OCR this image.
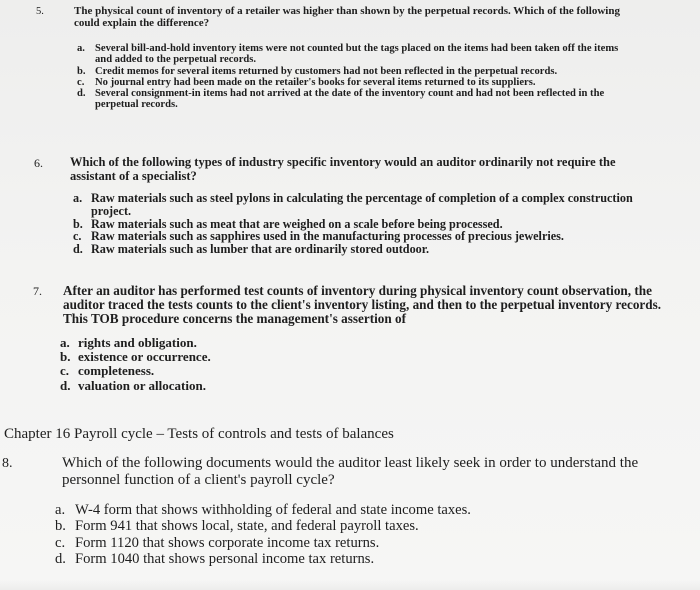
5.	The physical count of inventory of a retailer was higher than shown by the perpetual records. Which of the following could explain the difference?
a. Several bill-and-hold inventory items were not counted but the tags placed on the items had been taken off the items and added to the perpetual records.
b. Credit memos for several items returned by customers had not been reflected in the perpetual records.
c. No journal entry had been made on the retailer's books for several items returned to its suppliers.
d. Several consignment-in items had not arrived at the date of the inventory count and had not been reflected in the perpetual records.
6. Which of the following types of industry specific inventory would an auditor ordinarily not require the assistant of a specialist?
a. Raw materials such as steel pylons in calculating the percentage of completion of a complex construction project.
b. Raw materials such as meat that are weighed on a scale before being processed.
c. Raw materials such as sapphires used in the manufacturing processes of precious jewelries.
d. Raw materials such as lumber that are ordinarily stored outdoor.
7. After an auditor has performed test counts of inventory during physical inventory count observation, the auditor traced the tests counts to the client's inventory listing, and then to the perpetual inventory records. This TOB procedure concerns the management's assertion of
a. rights and obligation.
b. existence or occurrence.
c. completeness.
d. valuation or allocation.
Chapter 16 Payroll cycle – Tests of controls and tests of balances
8.	Which of the following documents would the auditor least likely seek in order to understand the personnel function of a client's payroll cycle?
a. W-4 form that shows withholding of federal and state income taxes.
b. Form 941 that shows local, state, and federal payroll taxes.
c. Form 1120 that shows corporate income tax returns.
d. Form 1040 that shows personal income tax returns.
